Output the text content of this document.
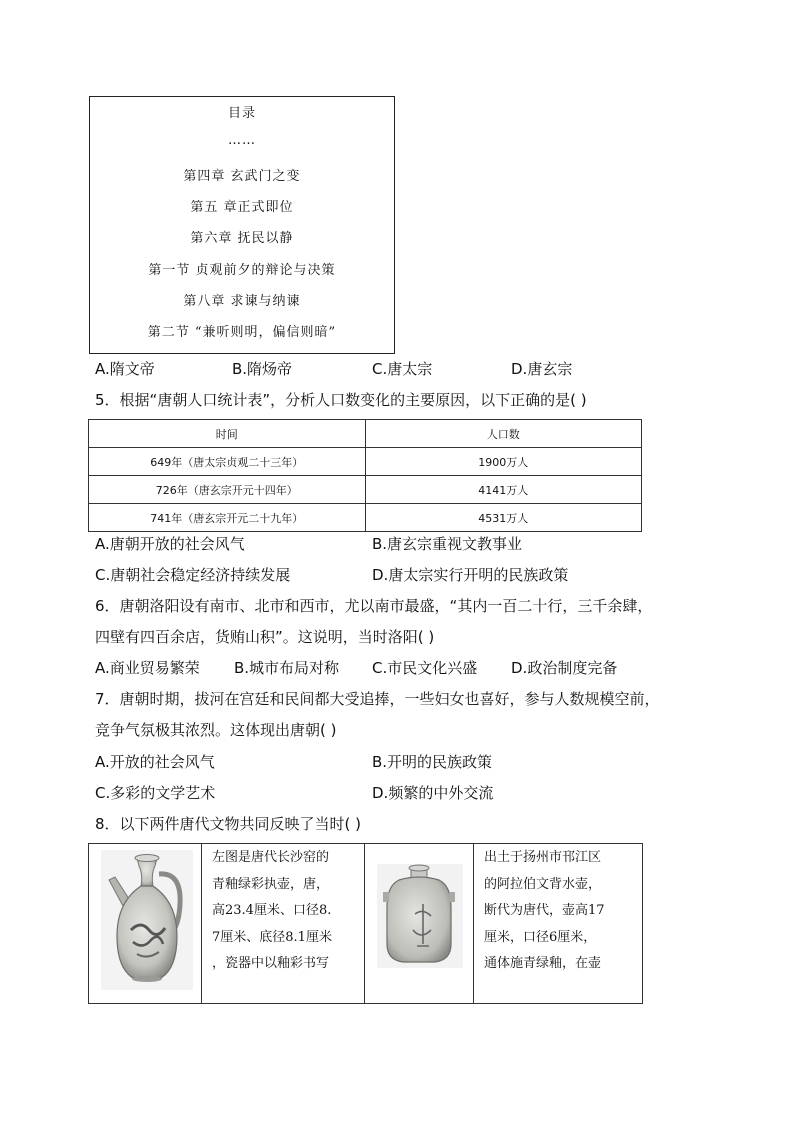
目录
……
第四章 玄武门之变
第五 章正式即位
第六章 抚民以静
第一节 贞观前夕的辩论与决策
第八章 求谏与纳谏
第二节 “兼听则明，偏信则暗”
A.隋文帝	B.隋炀帝	C.唐太宗	D.唐玄宗
5．根据“唐朝人口统计表”，分析人口数变化的主要原因，以下正确的是( )
时间	人口数
649年（唐太宗贞观二十三年）	1900万人
726年（唐玄宗开元十四年）	4141万人
741年（唐玄宗开元二十九年）	4531万人
A.唐朝开放的社会风气	B.唐玄宗重视文教事业
C.唐朝社会稳定经济持续发展	D.唐太宗实行开明的民族政策
6．唐朝洛阳设有南市、北市和西市，尤以南市最盛，“其内一百二十行，三千余肆，
四壁有四百余店，货贿山积”。这说明，当时洛阳( )
A.商业贸易繁荣 B.城市布局对称 C.市民文化兴盛 D.政治制度完备
7．唐朝时期，拔河在宫廷和民间都大受追捧，一些妇女也喜好，参与人数规模空前，
竞争气氛极其浓烈。这体现出唐朝( )
A.开放的社会风气	B.开明的民族政策
C.多彩的文学艺术	D.频繁的中外交流
8．以下两件唐代文物共同反映了当时( )

左图是唐代长沙窑的
青釉绿彩执壶，唐，
高23.4厘米、口径8.
7厘米、底径8.1厘米
，瓷器中以釉彩书写

出土于扬州市邗江区
的阿拉伯文背水壶，
断代为唐代，壶高17
厘米，口径6厘米，
通体施青绿釉，在壶
